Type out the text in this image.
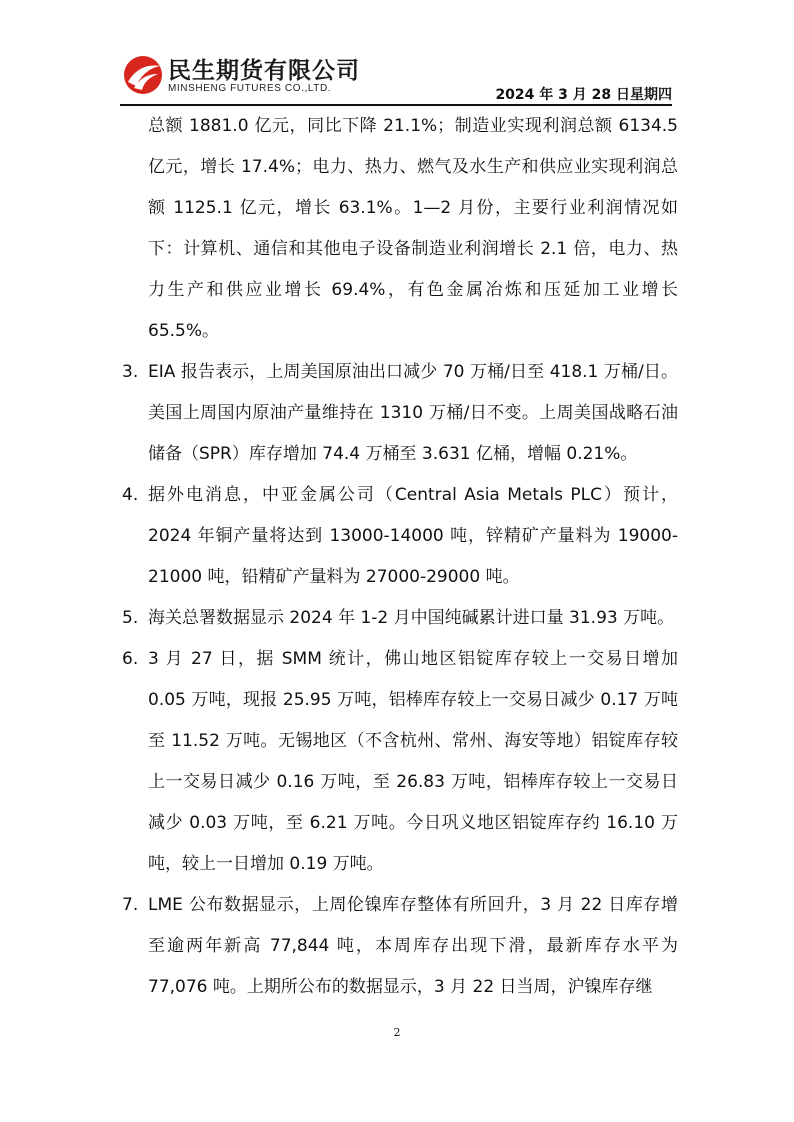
民生期货有限公司
MINSHENG FUTURES CO.,LTD.	2024 年 3 月 28 日星期四
总额 1881.0 亿元，同比下降 21.1%；制造业实现利润总额 6134.5 亿元，增长 17.4%；电力、热力、燃气及水生产和供应业实现利润总额 1125.1 亿元，增长 63.1%。1—2 月份，主要行业利润情况如下：计算机、通信和其他电子设备制造业利润增长 2.1 倍，电力、热力生产和供应业增长 69.4%，有色金属冶炼和压延加工业增长 65.5%。
3. EIA 报告表示，上周美国原油出口减少 70 万桶/日至 418.1 万桶/日。美国上周国内原油产量维持在 1310 万桶/日不变。上周美国战略石油储备（SPR）库存增加 74.4 万桶至 3.631 亿桶，增幅 0.21%。
4. 据外电消息，中亚金属公司（Central Asia Metals PLC）预计，2024 年铜产量将达到 13000-14000 吨，锌精矿产量料为 19000-21000 吨，铅精矿产量料为 27000-29000 吨。
5. 海关总署数据显示 2024 年 1-2 月中国纯碱累计进口量 31.93 万吨。
6. 3 月 27 日，据 SMM 统计，佛山地区铝锭库存较上一交易日增加 0.05 万吨，现报 25.95 万吨，铝棒库存较上一交易日减少 0.17 万吨至 11.52 万吨。无锡地区（不含杭州、常州、海安等地）铝锭库存较上一交易日减少 0.16 万吨，至 26.83 万吨，铝棒库存较上一交易日减少 0.03 万吨，至 6.21 万吨。今日巩义地区铝锭库存约 16.10 万吨，较上一日增加 0.19 万吨。
7. LME 公布数据显示，上周伦镍库存整体有所回升，3 月 22 日库存增至逾两年新高 77,844 吨，本周库存出现下滑，最新库存水平为 77,076 吨。上期所公布的数据显示，3 月 22 日当周，沪镍库存继
2
